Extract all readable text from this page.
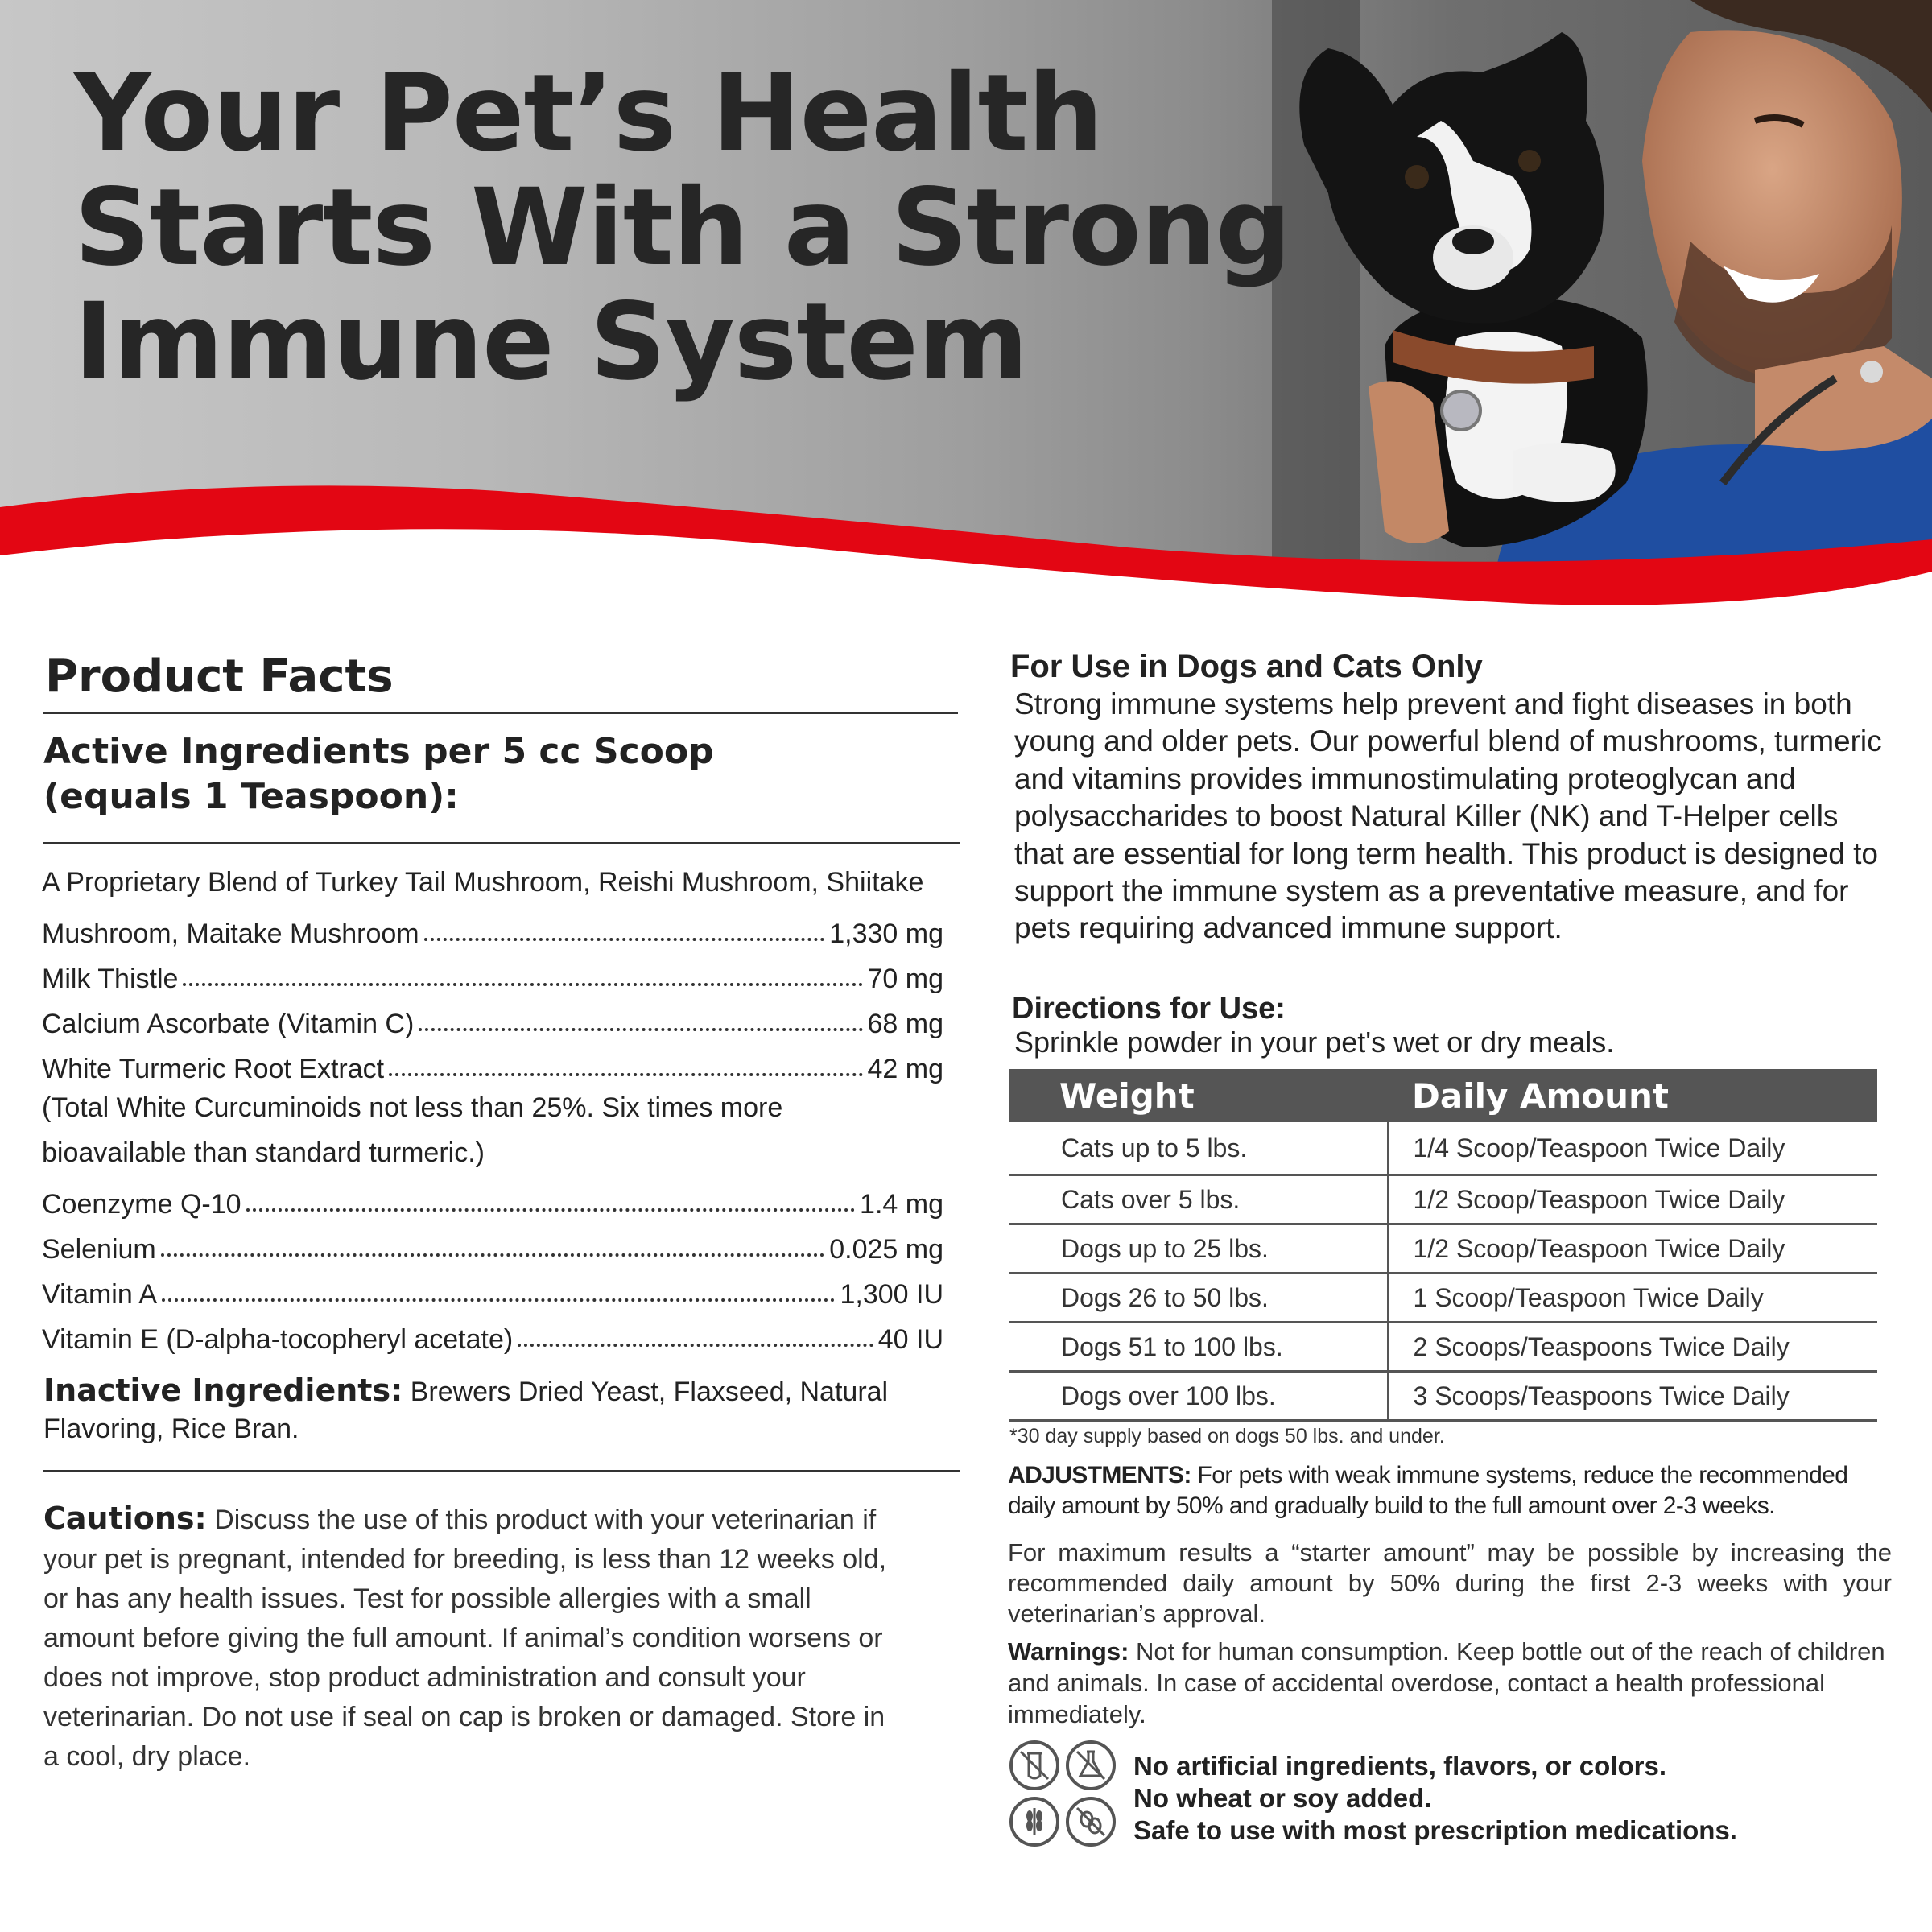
Your Pet’s Health
Starts With a Strong
Immune System
Product Facts
Active Ingredients per 5 cc Scoop
(equals 1 Teaspoon):
A Proprietary Blend of Turkey Tail Mushroom, Reishi Mushroom, Shiitake
Mushroom, Maitake Mushroom	1,330 mg
Milk Thistle	70 mg
Calcium Ascorbate (Vitamin C)	68 mg
White Turmeric Root Extract	42 mg
(Total White Curcuminoids not less than 25%. Six times more
bioavailable than standard turmeric.)
Coenzyme Q-10	1.4 mg
Selenium	0.025 mg
Vitamin A	1,300 IU
Vitamin E (D-alpha-tocopheryl acetate)	40 IU
Inactive Ingredients: Brewers Dried Yeast, Flaxseed, Natural Flavoring, Rice Bran.
Cautions: Discuss the use of this product with your veterinarian if your pet is pregnant, intended for breeding, is less than 12 weeks old, or has any health issues. Test for possible allergies with a small amount before giving the full amount. If animal’s condition worsens or does not improve, stop product administration and consult your veterinarian. Do not use if seal on cap is broken or damaged. Store in a cool, dry place.
For Use in Dogs and Cats Only
Strong immune systems help prevent and fight diseases in both young and older pets. Our powerful blend of mushrooms, turmeric and vitamins provides immunostimulating proteoglycan and polysaccharides to boost Natural Killer (NK) and T-Helper cells that are essential for long term health. This product is designed to support the immune system as a preventative measure, and for pets requiring advanced immune support.
Directions for Use:
Sprinkle powder in your pet's wet or dry meals.
Weight	Daily Amount
Cats up to 5 lbs.	1/4 Scoop/Teaspoon Twice Daily
Cats over 5 lbs.	1/2 Scoop/Teaspoon Twice Daily
Dogs up to 25 lbs.	1/2 Scoop/Teaspoon Twice Daily
Dogs 26 to 50 lbs.	1 Scoop/Teaspoon Twice Daily
Dogs 51 to 100 lbs.	2 Scoops/Teaspoons Twice Daily
Dogs over 100 lbs.	3 Scoops/Teaspoons Twice Daily
*30 day supply based on dogs 50 lbs. and under.
ADJUSTMENTS: For pets with weak immune systems, reduce the recommended daily amount by 50% and gradually build to the full amount over 2-3 weeks.
For maximum results a “starter amount” may be possible by increasing the recommended daily amount by 50% during the first 2-3 weeks with your veterinarian’s approval.
Warnings: Not for human consumption. Keep bottle out of the reach of children and animals. In case of accidental overdose, contact a health professional immediately.
No artificial ingredients, flavors, or colors.
No wheat or soy added.
Safe to use with most prescription medications.
